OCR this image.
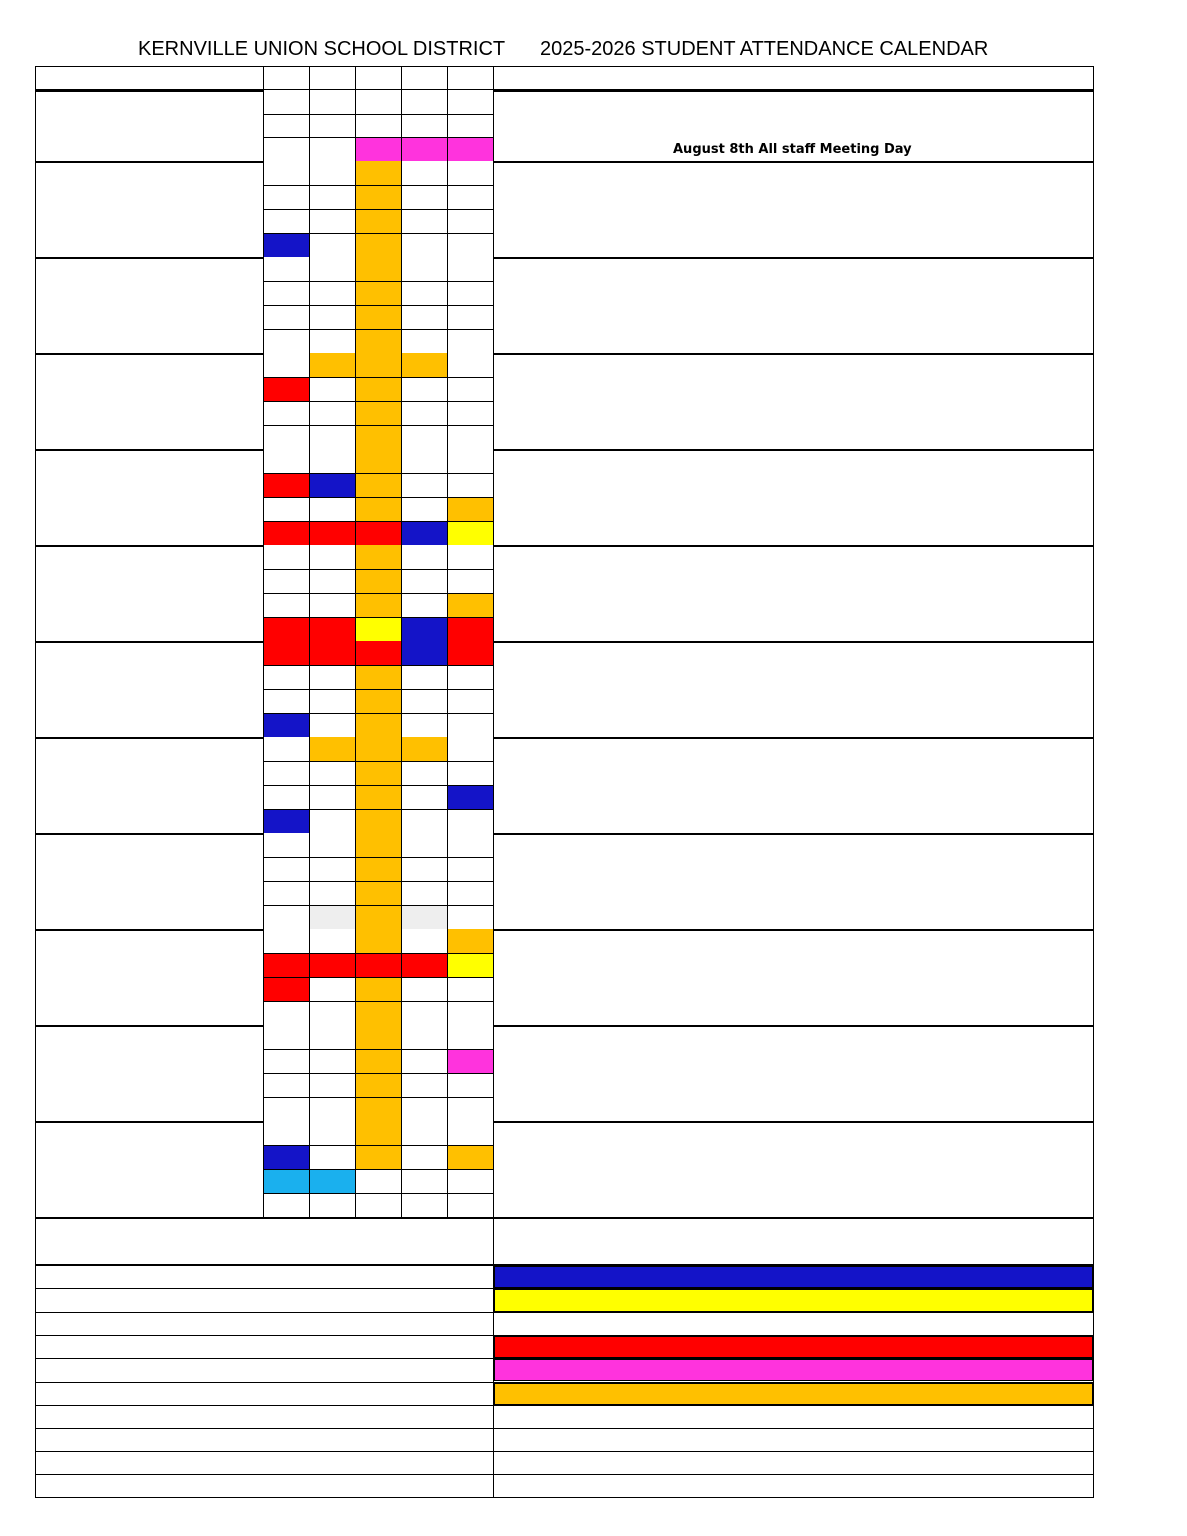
KERNVILLE UNION SCHOOL DISTRICT 2025-2026 STUDENT ATTENDANCE CALENDAR
August 8th All staff Meeting Day
